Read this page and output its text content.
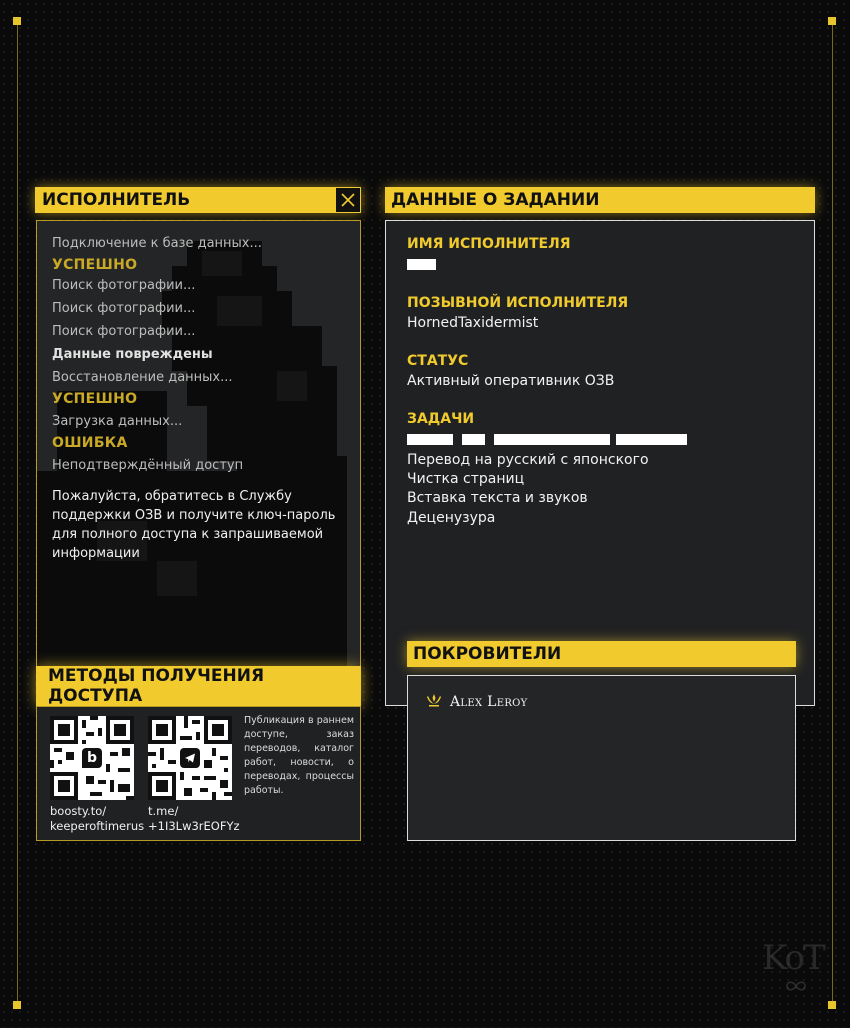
ИСПОЛНИТЕЛЬ
Подключение к базе данных...
УСПЕШНО
Поиск фотографии...
Поиск фотографии...
Поиск фотографии...
Данные повреждены
Восстановление данных...
УСПЕШНО
Загрузка данных...
ОШИБКА
Неподтверждённый доступ
Пожалуйста, обратитесь в Службу поддержки ОЗВ и получите ключ-пароль для полного доступа к запрашиваемой информации
МЕТОДЫ ПОЛУЧЕНИЯ ДОСТУПА
b
boosty.to/
keeperoftimerus
t.me/
+1I3Lw3rEOFYz
Публикация в раннем доступе, заказ переводов, каталог работ, новости, о переводах, процессы работы.
ДАННЫЕ О ЗАДАНИИ
ИМЯ ИСПОЛНИТЕЛЯ
ПОЗЫВНОЙ ИСПОЛНИТЕЛЯ
HornedTaxidermist
СТАТУС
Активный оперативник ОЗВ
ЗАДАЧИ
Перевод на русский с японского
Чистка страниц
Вставка текста и звуков
Деценузура
ПОКРОВИТЕЛИ
Alex Leroy
KoT
